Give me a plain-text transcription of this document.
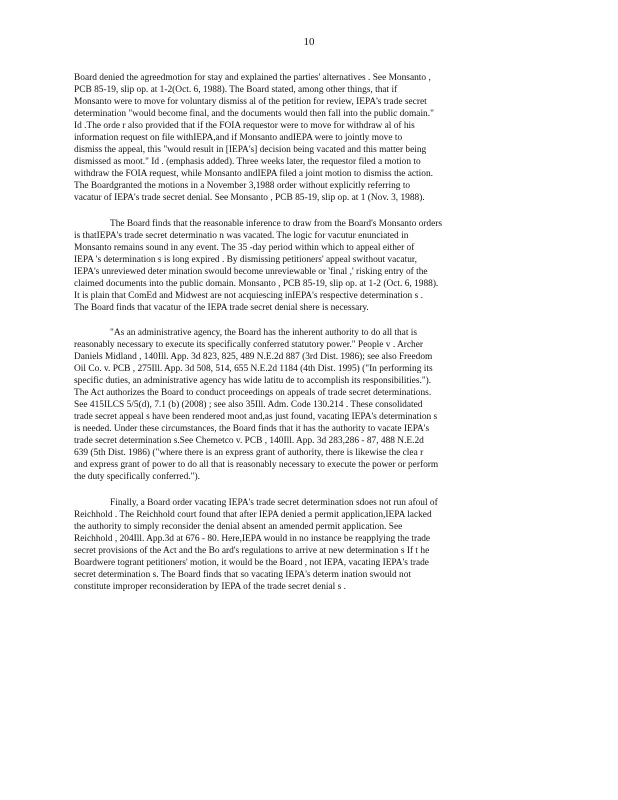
10

Board denied the agreedmotion for stay and explained the parties' alternatives . See Monsanto ,
PCB 85-19, slip op. at 1-2(Oct. 6, 1988). The Board stated, among other things, that if
Monsanto were to move for voluntary dismiss al of the petition for review, IEPA's trade secret
determination "would become final, and the documents would then fall into the public domain."
Id .The orde r also provided that if the FOIA requestor were to move for withdraw al of his
information request on file withIEPA,and if Monsanto andIEPA were to jointly move to
dismiss the appeal, this "would result in [IEPA's] decision being vacated and this matter being
dismissed as moot." Id . (emphasis added). Three weeks later, the requestor filed a motion to
withdraw the FOIA request, while Monsanto andIEPA filed a joint motion to dismiss the action.
The Boardgranted the motions in a November 3,1988 order without explicitly referring to
vacatur of IEPA's trade secret denial. See Monsanto , PCB 85-19, slip op. at 1 (Nov. 3, 1988).

The Board finds that the reasonable inference to draw from the Board's Monsanto orders
is thatIEPA's trade secret determinatio n was vacated. The logic for vacutur enunciated in
Monsanto remains sound in any event. The 35 -day period within which to appeal either of
IEPA 's determination s is long expired . By dismissing petitioners' appeal swithout vacatur,
IEPA's unreviewed deter mination swould become unreviewable or 'final ,' risking entry of the
claimed documents into the public domain. Monsanto , PCB 85-19, slip op. at 1-2 (Oct. 6, 1988).
It is plain that ComEd and Midwest are not acquiescing inIEPA's respective determination s .
The Board finds that vacatur of the IEPA trade secret denial shere is necessary.

"As an administrative agency, the Board has the inherent authority to do all that is
reasonably necessary to execute its specifically conferred statutory power." People v . Archer
Daniels Midland , 140Ill. App. 3d 823, 825, 489 N.E.2d 887 (3rd Dist. 1986); see also Freedom
Oil Co. v. PCB , 275Ill. App. 3d 508, 514, 655 N.E.2d 1184 (4th Dist. 1995) ("In performing its
specific duties, an administrative agency has wide latitu de to accomplish its responsibilities.").
The Act authorizes the Board to conduct proceedings on appeals of trade secret determinations.
See 415ILCS 5/5(d), 7.1 (b) (2008) ; see also 35Ill. Adm. Code 130.214 . These consolidated
trade secret appeal s have been rendered moot and,as just found, vacating IEPA's determination s
is needed. Under these circumstances, the Board finds that it has the authority to vacate IEPA's
trade secret determination s.See Chemetco v. PCB , 140Ill. App. 3d 283,286 - 87, 488 N.E.2d
639 (5th Dist. 1986) ("where there is an express grant of authority, there is likewise the clea r
and express grant of power to do all that is reasonably necessary to execute the power or perform
the duty specifically conferred.").

Finally, a Board order vacating IEPA's trade secret determination sdoes not run afoul of
Reichhold . The Reichhold court found that after IEPA denied a permit application,IEPA lacked
the authority to simply reconsider the denial absent an amended permit application. See
Reichhold , 204Ill. App.3d at 676 - 80. Here,IEPA would in no instance be reapplying the trade
secret provisions of the Act and the Bo ard's regulations to arrive at new determination s If t he
Boardwere togrant petitioners' motion, it would be the Board , not IEPA, vacating IEPA's trade
secret determination s. The Board finds that so vacating IEPA's determ ination swould not
constitute improper reconsideration by IEPA of the trade secret denial s .
